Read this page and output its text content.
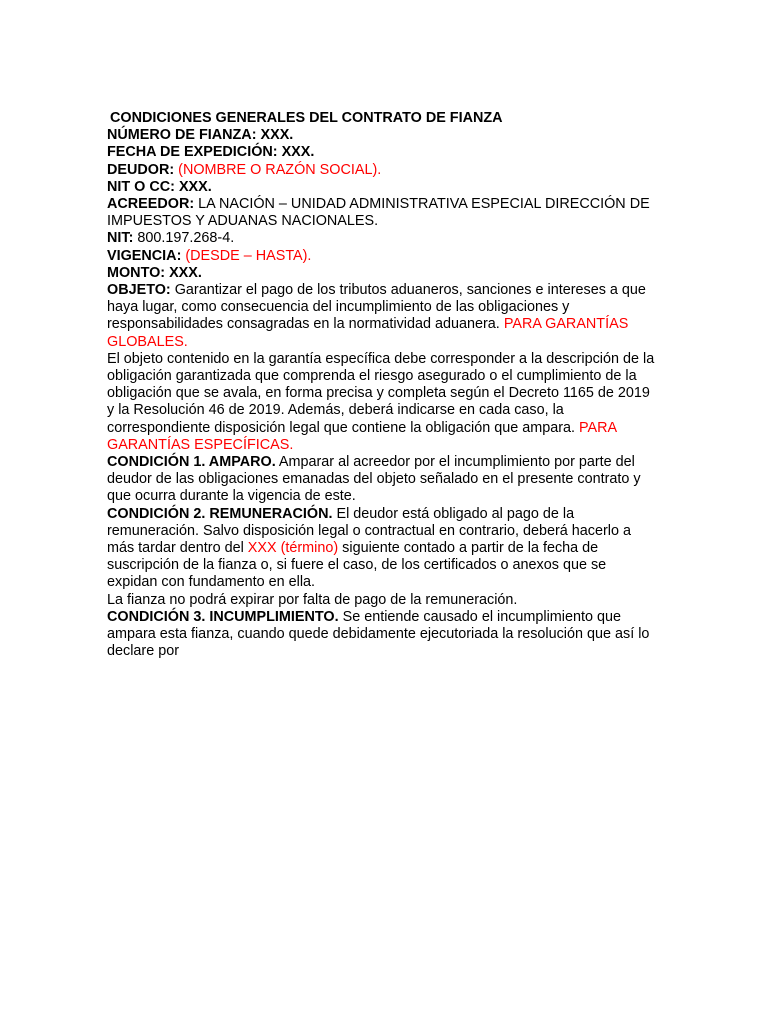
CONDICIONES GENERALES DEL CONTRATO DE FIANZA

NÚMERO DE FIANZA: XXX.

FECHA DE EXPEDICIÓN: XXX.

DEUDOR: (NOMBRE O RAZÓN SOCIAL).

NIT O CC: XXX.

ACREEDOR: LA NACIÓN – UNIDAD ADMINISTRATIVA ESPECIAL DIRECCIÓN DE IMPUESTOS Y ADUANAS NACIONALES.

NIT: 800.197.268-4.

VIGENCIA: (DESDE – HASTA).

MONTO: XXX.

OBJETO: Garantizar el pago de los tributos aduaneros, sanciones e intereses a que haya lugar, como consecuencia del incumplimiento de las obligaciones y responsabilidades consagradas en la normatividad aduanera. PARA GARANTÍAS GLOBALES.

El objeto contenido en la garantía específica debe corresponder a la descripción de la obligación garantizada que comprenda el riesgo asegurado o el cumplimiento de la obligación que se avala, en forma precisa y completa según el Decreto 1165 de 2019 y la Resolución 46 de 2019. Además, deberá indicarse en cada caso, la correspondiente disposición legal que contiene la obligación que ampara. PARA GARANTÍAS ESPECÍFICAS.

CONDICIÓN 1. AMPARO. Amparar al acreedor por el incumplimiento por parte del deudor de las obligaciones emanadas del objeto señalado en el presente contrato y que ocurra durante la vigencia de este.

CONDICIÓN 2. REMUNERACIÓN. El deudor está obligado al pago de la remuneración. Salvo disposición legal o contractual en contrario, deberá hacerlo a más tardar dentro del XXX (término) siguiente contado a partir de la fecha de suscripción de la fianza o, si fuere el caso, de los certificados o anexos que se expidan con fundamento en ella.

La fianza no podrá expirar por falta de pago de la remuneración.

CONDICIÓN 3. INCUMPLIMIENTO. Se entiende causado el incumplimiento que ampara esta fianza, cuando quede debidamente ejecutoriada la resolución que así lo declare por
